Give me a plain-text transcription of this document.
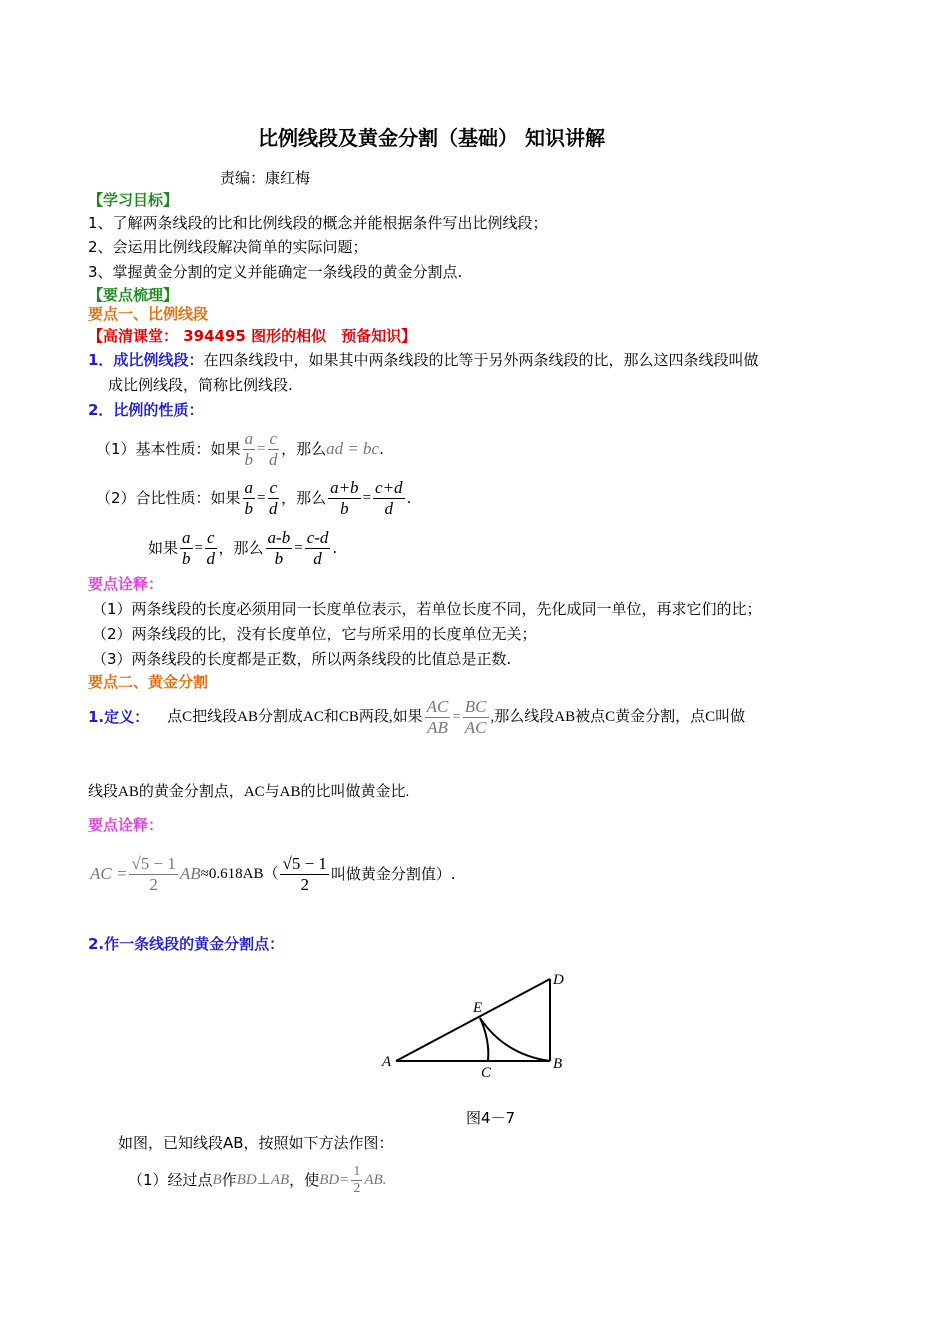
比例线段及黄金分割（基础） 知识讲解
责编：康红梅
【学习目标】
1、了解两条线段的比和比例线段的概念并能根据条件写出比例线段；
2、会运用比例线段解决简单的实际问题；
3、掌握黄金分割的定义并能确定一条线段的黄金分割点.
【要点梳理】
要点一、比例线段
【高清课堂： 394495 图形的相似　预备知识】
1．成比例线段：在四条线段中，如果其中两条线段的比等于另外两条线段的比，那么这四条线段叫做
成比例线段，简称比例线段.
2．比例的性质：
（1）基本性质：如果 $\frac{a}{b} = \frac{c}{d}$ ，那么 ad = bc .
（2）合比性质：如果 $\frac{a}{b} = \frac{c}{d}$ ，那么 $\frac{a+b}{b} = \frac{c+d}{d}$ .
如果 $\frac{a}{b} = \frac{c}{d}$ ，那么 $\frac{a-b}{b} = \frac{c-d}{d}$ .
要点诠释：
（1）两条线段的长度必须用同一长度单位表示，若单位长度不同，先化成同一单位，再求它们的比；
（2）两条线段的比，没有长度单位，它与所采用的长度单位无关；
（3）两条线段的长度都是正数，所以两条线段的比值总是正数.
要点二、黄金分割
1.定义： 点C把线段AB分割成AC和CB两段,如果 $\frac{AC}{AB} = \frac{BC}{AC}$ ,那么线段AB被点C黄金分割，点C叫做
线段AB的黄金分割点，AC与AB的比叫做黄金比.
要点诠释：
AC = $\frac{√5 - 1}{2}$ AB $\approx 0.618AB( \frac{√5 - 1}{2}$ 叫做黄金分割值）.
2.作一条线段的黄金分割点：
A	B
C
D
E
图4－7
如图，已知线段AB，按照如下方法作图：
（1）经过点 B 作 BD⊥AB ，使 $BD= \frac{1}{2}$ AB.
